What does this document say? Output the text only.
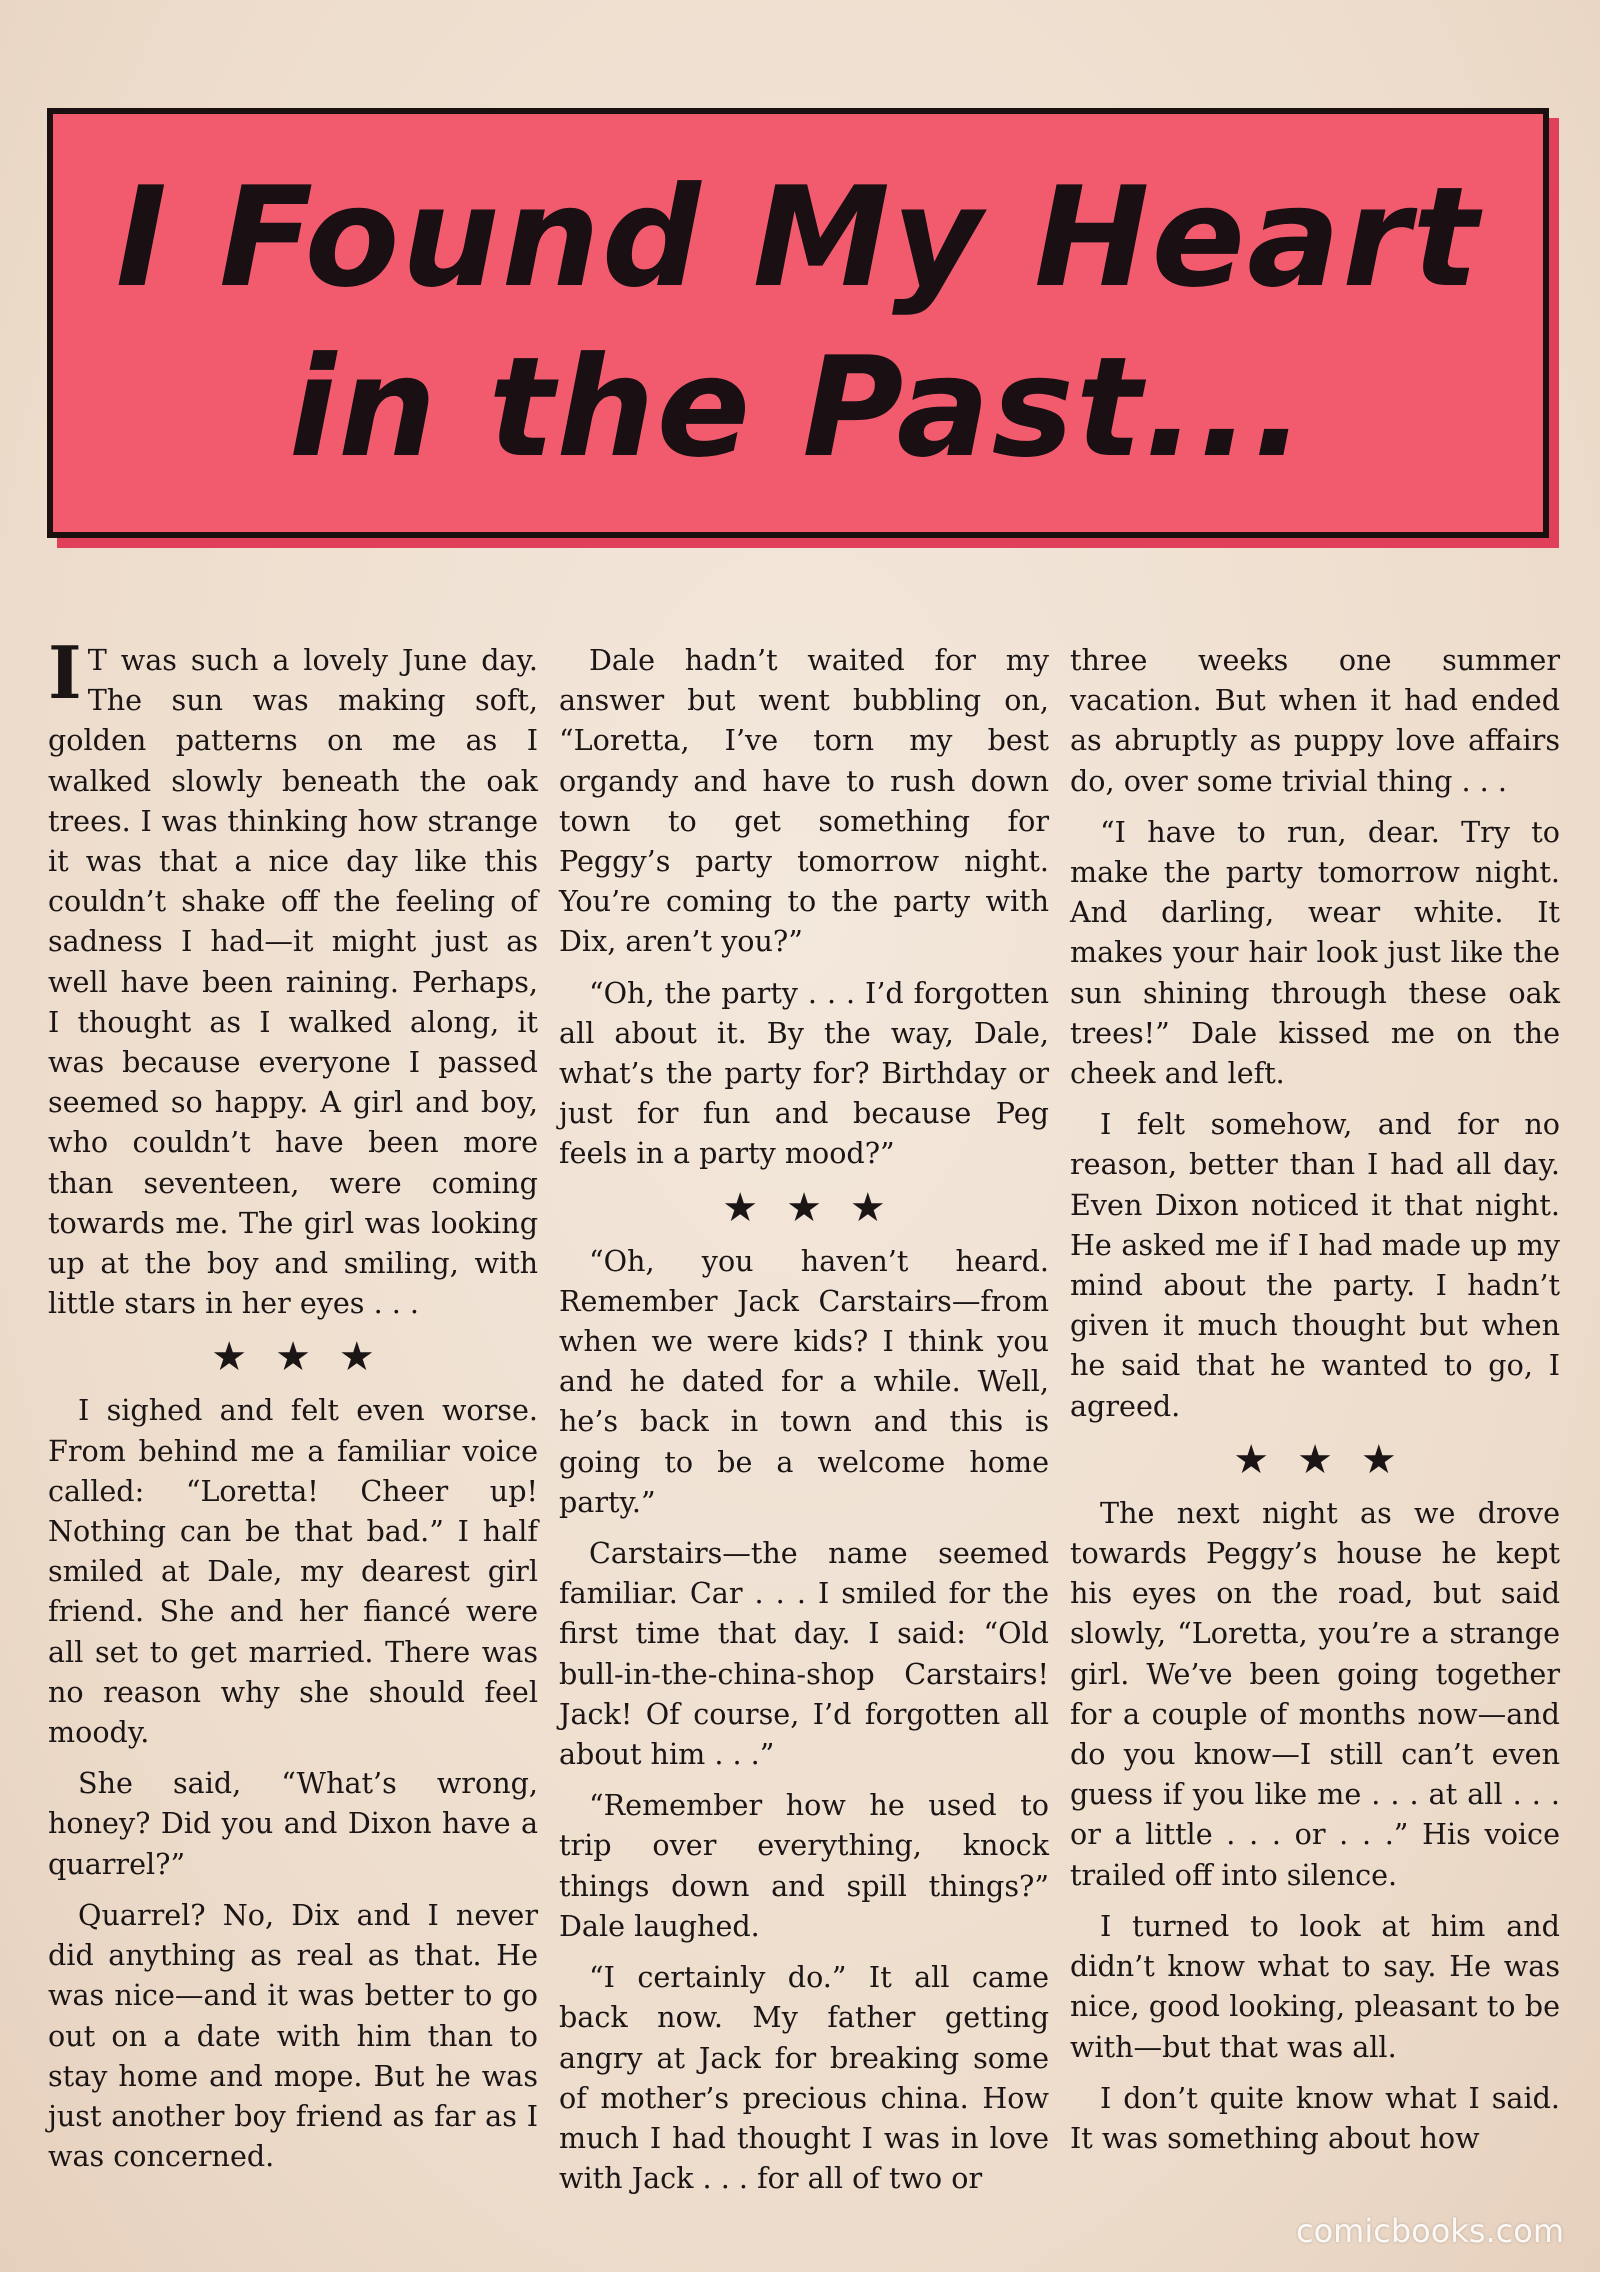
I Found My Heart
in the Past...

I T was such a lovely June day. The sun was making soft, golden patterns on me as I walked slowly beneath the oak trees. I was thinking how strange it was that a nice day like this couldn’t shake off the feeling of sadness I had—it might just as well have been raining. Perhaps, I thought as I walked along, it was because everyone I passed seemed so happy. A girl and boy, who couldn’t have been more than seventeen, were coming towards me. The girl was looking up at the boy and smiling, with little stars in her eyes . . .

★★★

I sighed and felt even worse. From behind me a familiar voice called: “Loretta! Cheer up! Nothing can be that bad.” I half smiled at Dale, my dearest girl friend. She and her fiancé were all set to get married. There was no reason why she should feel moody.

She said, “What’s wrong, honey? Did you and Dixon have a quarrel?”

Quarrel? No, Dix and I never did anything as real as that. He was nice—and it was better to go out on a date with him than to stay home and mope. But he was just another boy friend as far as I was concerned.

Dale hadn’t waited for my answer but went bubbling on, “Loretta, I’ve torn my best organdy and have to rush down town to get something for Peggy’s party tomorrow night. You’re coming to the party with Dix, aren’t you?”

“Oh, the party . . . I’d forgotten all about it. By the way, Dale, what’s the party for? Birthday or just for fun and because Peg feels in a party mood?”

★★★

“Oh, you haven’t heard. Remember Jack Carstairs—from when we were kids? I think you and he dated for a while. Well, he’s back in town and this is going to be a welcome home party.”

Carstairs—the name seemed familiar. Car . . . I smiled for the first time that day. I said: “Old bull-in-the-china-shop Carstairs! Jack! Of course, I’d forgotten all about him . . .”

“Remember how he used to trip over everything, knock things down and spill things?” Dale laughed.

“I certainly do.” It all came back now. My father getting angry at Jack for breaking some of mother’s precious china. How much I had thought I was in love with Jack . . . for all of two or

three weeks one summer vacation. But when it had ended as abruptly as puppy love affairs do, over some trivial thing . . .

“I have to run, dear. Try to make the party tomorrow night. And darling, wear white. It makes your hair look just like the sun shining through these oak trees!” Dale kissed me on the cheek and left.

I felt somehow, and for no reason, better than I had all day. Even Dixon noticed it that night. He asked me if I had made up my mind about the party. I hadn’t given it much thought but when he said that he wanted to go, I agreed.

★★★

The next night as we drove towards Peggy’s house he kept his eyes on the road, but said slowly, “Loretta, you’re a strange girl. We’ve been going together for a couple of months now—and do you know—I still can’t even guess if you like me . . . at all . . . or a little . . . or . . .” His voice trailed off into silence.

I turned to look at him and didn’t know what to say. He was nice, good looking, pleasant to be with—but that was all.

I don’t quite know what I said. It was something about how

comicbooks.com
